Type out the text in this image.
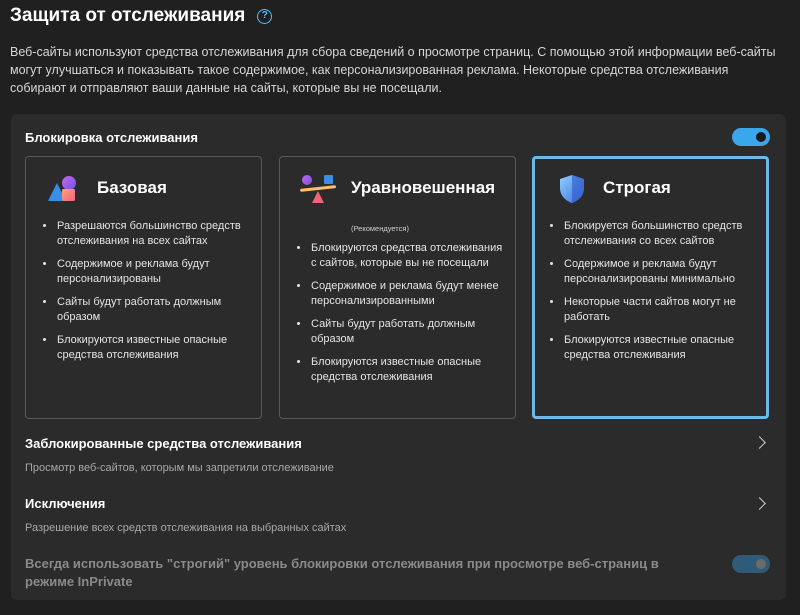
Защита от отслеживания	?

Веб-сайты используют средства отслеживания для сбора сведений о просмотре страниц. С помощью этой информации веб-сайты могут улучшаться и показывать такое содержимое, как персонализированная реклама. Некоторые средства отслеживания собирают и отправляют ваши данные на сайты, которые вы не посещали.

Блокировка отслеживания
Базовая
Разрешаются большинство средств отслеживания на всех сайтах
Содержимое и реклама будут персонализированы
Сайты будут работать должным образом
Блокируются известные опасные средства отслеживания
Уравновешенная
(Рекомендуется)
Блокируются средства отслеживания с сайтов, которые вы не посещали
Содержимое и реклама будут менее персонализированными
Сайты будут работать должным образом
Блокируются известные опасные средства отслеживания
Строгая
Блокируется большинство средств отслеживания со всех сайтов
Содержимое и реклама будут персонализированы минимально
Некоторые части сайтов могут не работать
Блокируются известные опасные средства отслеживания
Заблокированные средства отслеживания
Просмотр веб-сайтов, которым мы запретили отслеживание
Исключения
Разрешение всех средств отслеживания на выбранных сайтах
Всегда использовать "строгий" уровень блокировки отслеживания при просмотре веб-страниц в режиме InPrivate
